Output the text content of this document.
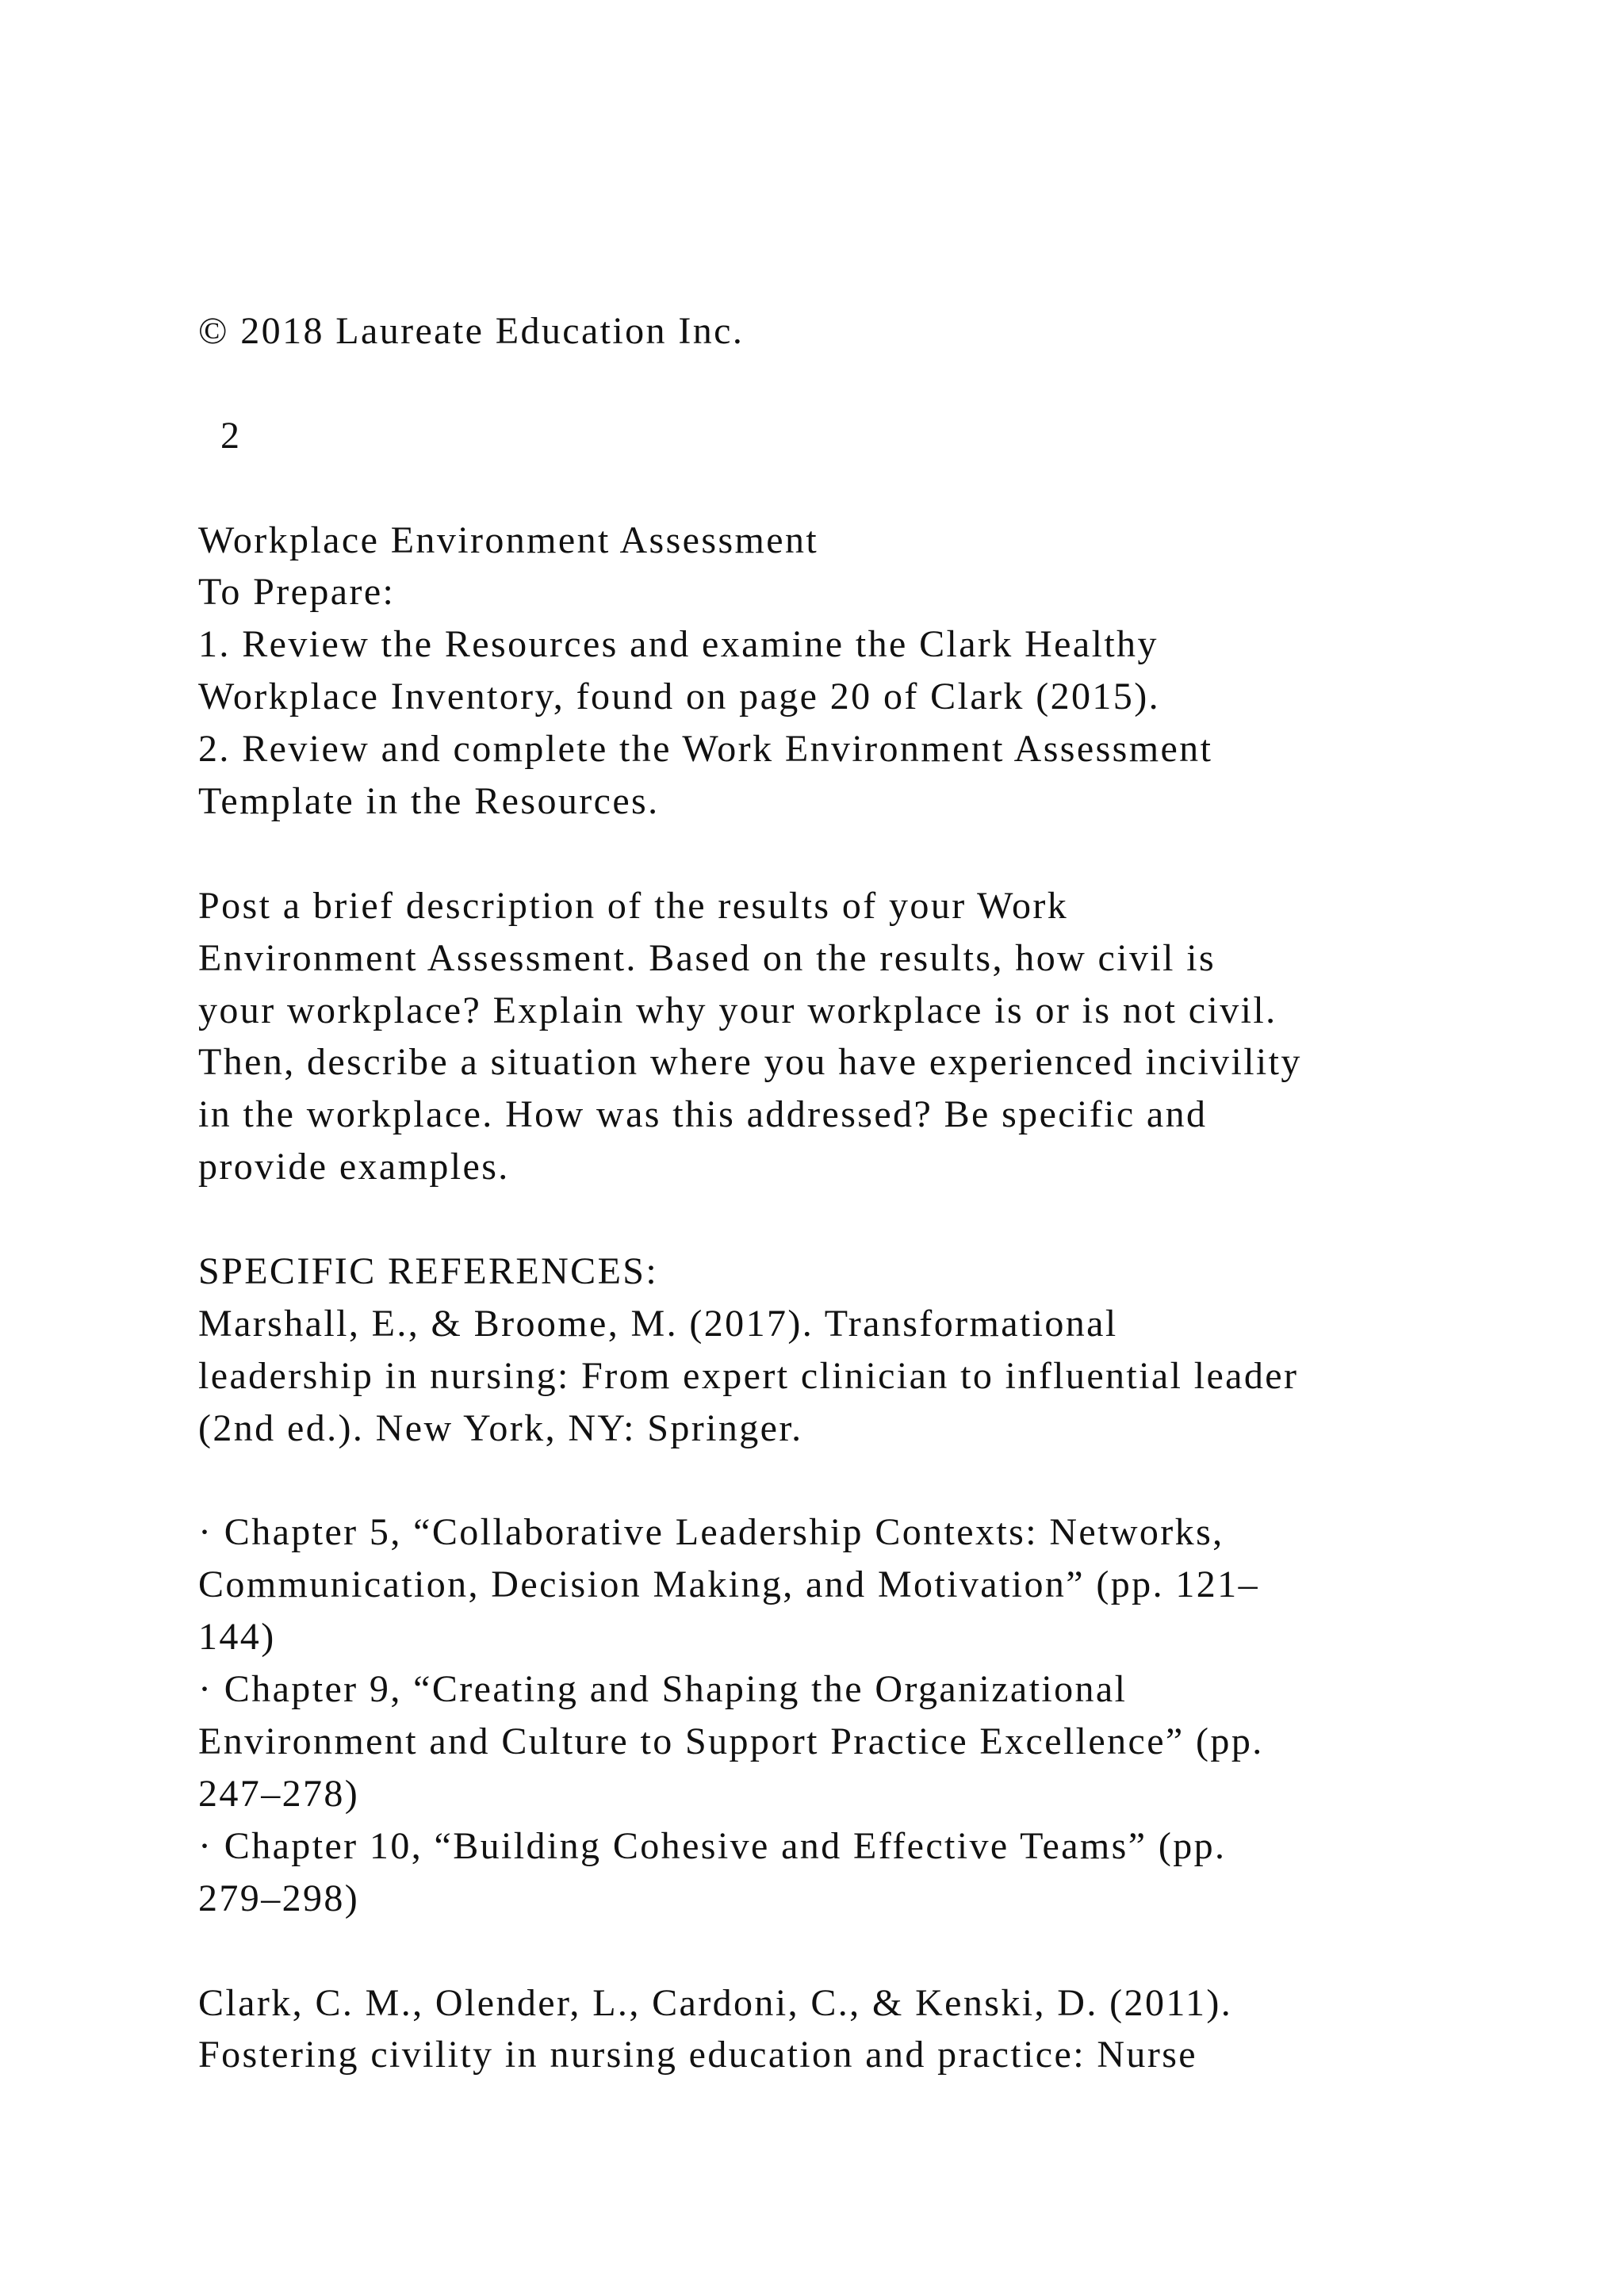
© 2018 Laureate Education Inc.
2
Workplace Environment Assessment
To Prepare:
1. Review the Resources and examine the Clark Healthy
Workplace Inventory, found on page 20 of Clark (2015).
2. Review and complete the Work Environment Assessment
Template in the Resources.
Post a brief description of the results of your Work
Environment Assessment. Based on the results, how civil is
your workplace? Explain why your workplace is or is not civil.
Then, describe a situation where you have experienced incivility
in the workplace. How was this addressed? Be specific and
provide examples.
SPECIFIC REFERENCES:
Marshall, E., & Broome, M. (2017). Transformational
leadership in nursing: From expert clinician to influential leader
(2nd ed.). New York, NY: Springer.
· Chapter 5, “Collaborative Leadership Contexts: Networks,
Communication, Decision Making, and Motivation” (pp. 121–
144)
· Chapter 9, “Creating and Shaping the Organizational
Environment and Culture to Support Practice Excellence” (pp.
247–278)
· Chapter 10, “Building Cohesive and Effective Teams” (pp.
279–298)
Clark, C. M., Olender, L., Cardoni, C., & Kenski, D. (2011).
Fostering civility in nursing education and practice: Nurse
